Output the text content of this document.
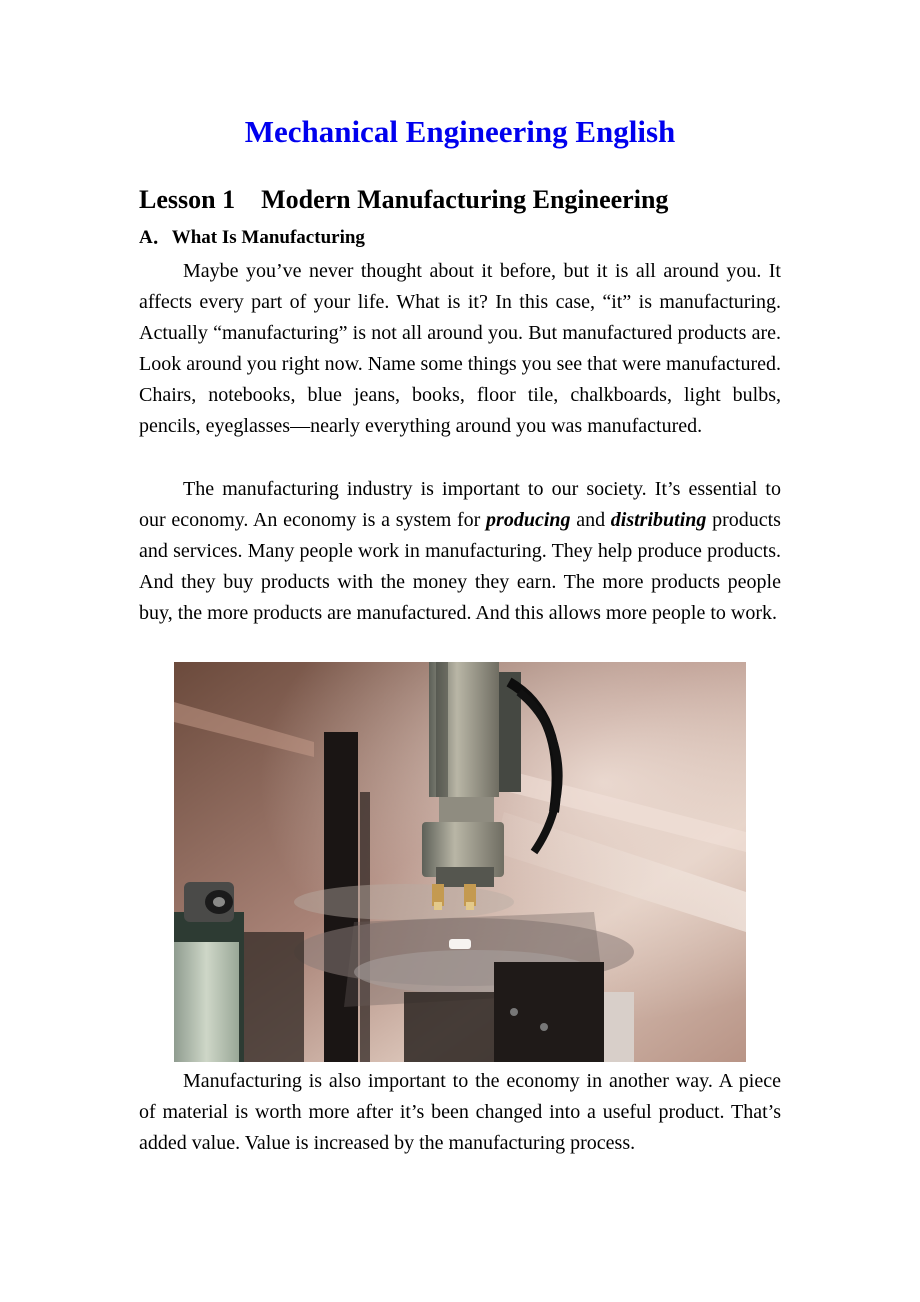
Mechanical Engineering English
Lesson 1 Modern Manufacturing Engineering
A．What Is Manufacturing

Maybe you’ve never thought about it before, but it is all around you. It affects every part of your life. What is it? In this case, “it” is manufacturing. Actually “manufacturing” is not all around you. But manufactured products are. Look around you right now. Name some things you see that were manufactured. Chairs, notebooks, blue jeans, books, floor tile, chalkboards, light bulbs, pencils, eyeglasses—nearly everything around you was manufactured.

The manufacturing industry is important to our society. It’s essential to our economy. An economy is a system for producing and distributing products and services. Many people work in manufacturing. They help produce products. And they buy products with the money they earn. The more products people buy, the more products are manufactured. And this allows more people to work.

Manufacturing is also important to the economy in another way. A piece of material is worth more after it’s been changed into a useful product. That’s added value. Value is increased by the manufacturing process.
